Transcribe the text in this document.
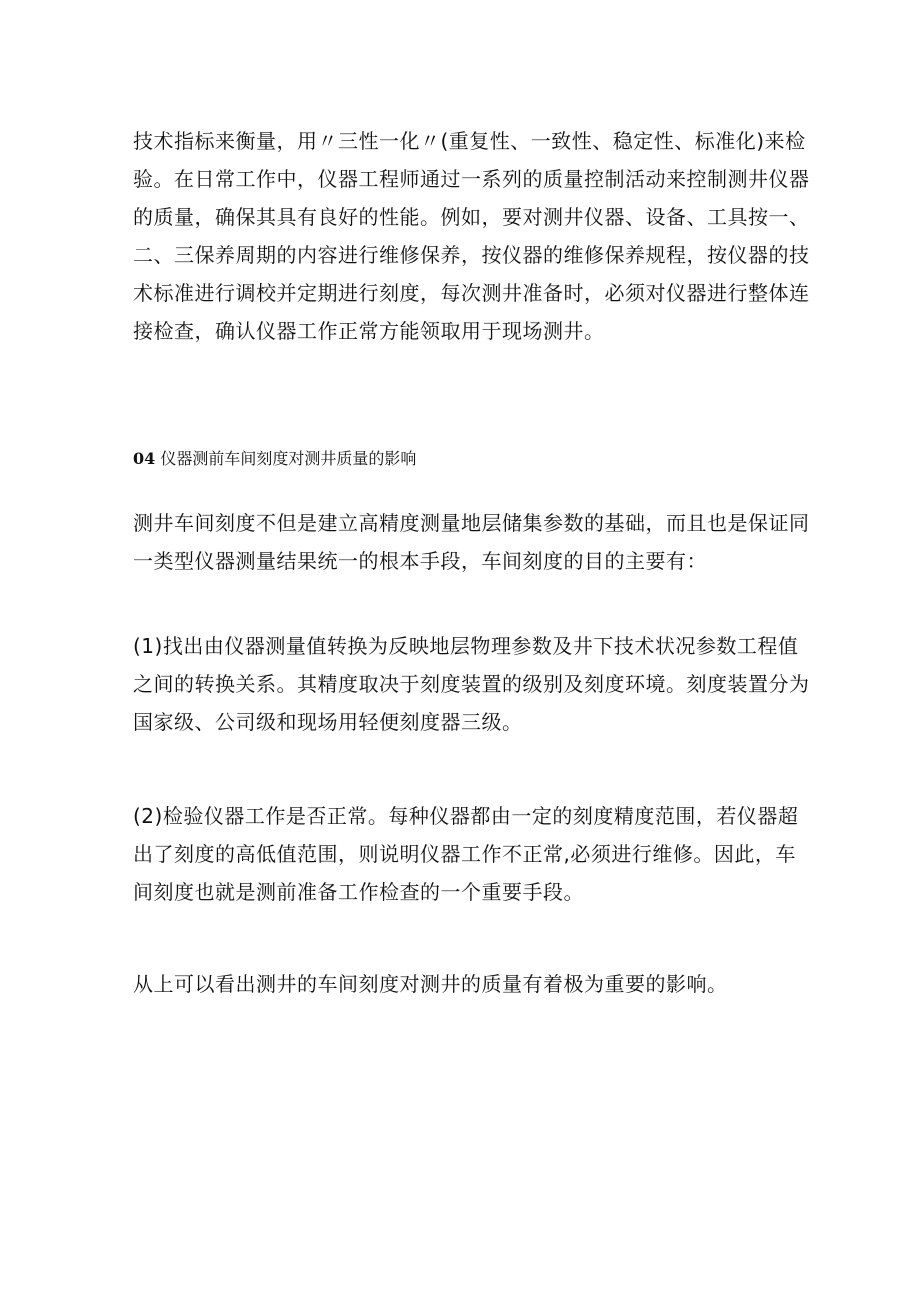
技术指标来衡量，用〃三性一化〃(重复性、一致性、稳定性、标准化)来检
验。在日常工作中，仪器工程师通过一系列的质量控制活动来控制测井仪器
的质量，确保其具有良好的性能。例如，要对测井仪器、设备、工具按一、
二、三保养周期的内容进行维修保养，按仪器的维修保养规程，按仪器的技
术标准进行调校并定期进行刻度，每次测井准备时，必须对仪器进行整体连
接检查，确认仪器工作正常方能领取用于现场测井。

04 仪器测前车间刻度对测井质量的影响

测井车间刻度不但是建立高精度测量地层储集参数的基础，而且也是保证同
一类型仪器测量结果统一的根本手段，车间刻度的目的主要有：

(1)找出由仪器测量值转换为反映地层物理参数及井下技术状况参数工程值
之间的转换关系。其精度取决于刻度装置的级别及刻度环境。刻度装置分为
国家级、公司级和现场用轻便刻度器三级。

(2)检验仪器工作是否正常。每种仪器都由一定的刻度精度范围，若仪器超
出了刻度的高低值范围，则说明仪器工作不正常,必须进行维修。因此，车
间刻度也就是测前准备工作检查的一个重要手段。

从上可以看出测井的车间刻度对测井的质量有着极为重要的影响。
